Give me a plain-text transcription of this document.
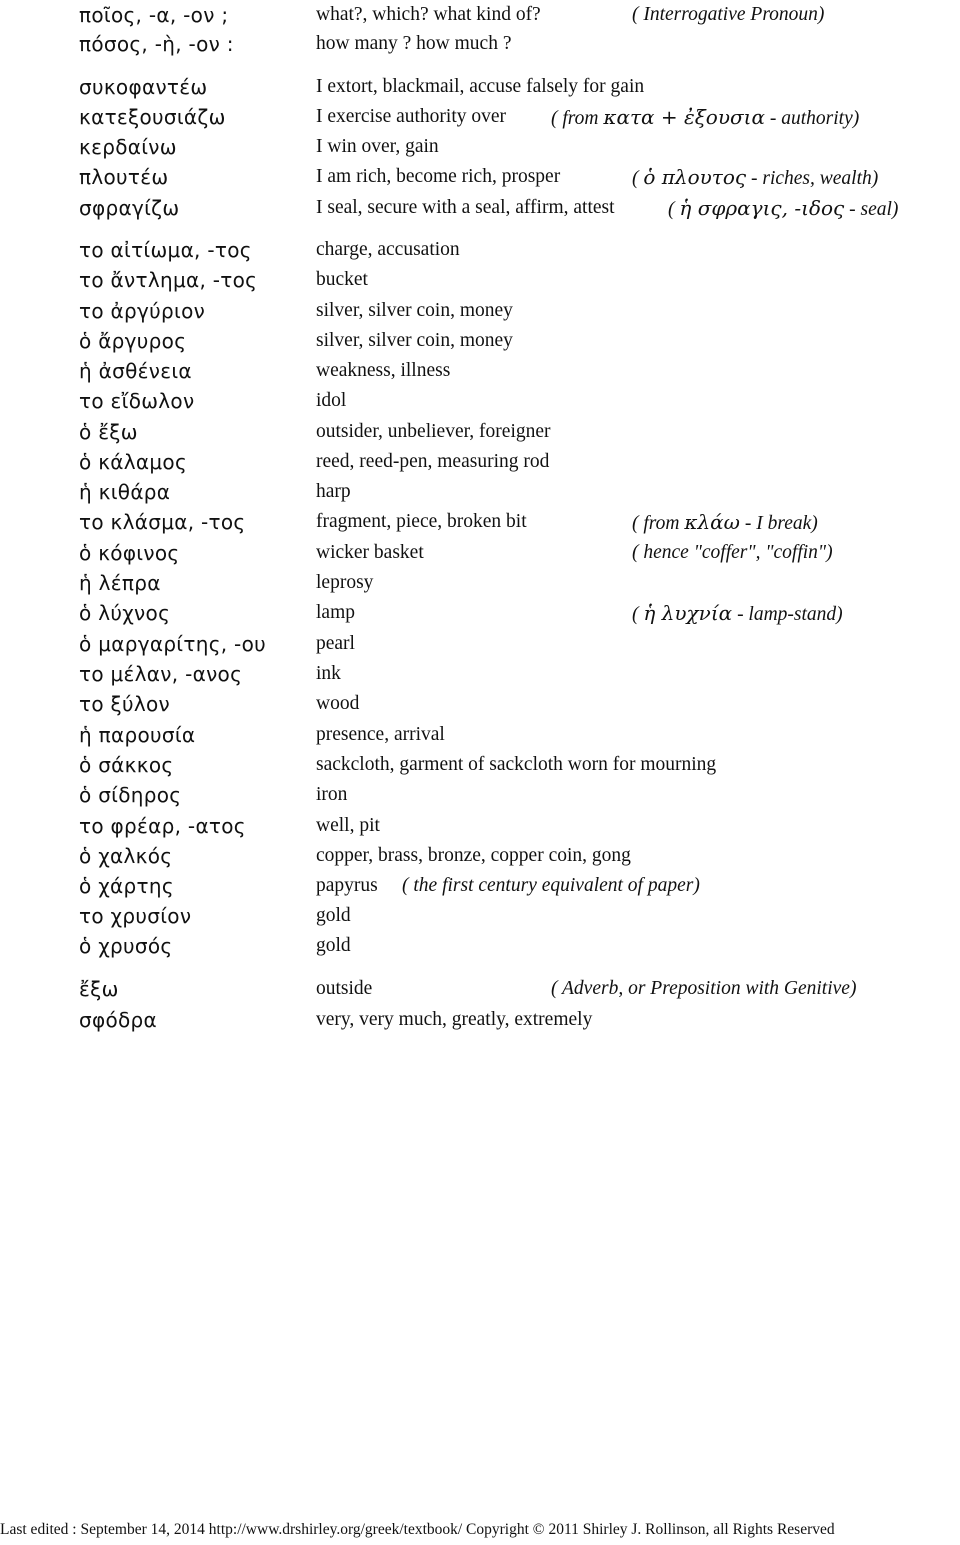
ποῖος, -α, -ον ;	what?, which? what kind of?	( Interrogative Pronoun)
πόσος, -ὴ, -ον :	how many ? how much ?
συκοφαντέω	I extort, blackmail, accuse falsely for gain
κατεξουσιάζω	I exercise authority over ( from κατα + ἐξουσια - authority)
κερδαίνω	I win over, gain
πλουτέω	I am rich, become rich, prosper	( ὁ πλουτος - riches, wealth)
σφραγίζω	I seal, secure with a seal, affirm, attest	( ἡ σφραγις, -ιδος - seal)
το αἰτίωμα, -τος	charge, accusation
το ἄντλημα, -τος	bucket
το ἀργύριον	silver, silver coin, money
ὁ ἄργυρος	silver, silver coin, money
ἡ ἀσθένεια	weakness, illness
το εἴδωλον	idol
ὁ ἔξω	outsider, unbeliever, foreigner
ὁ κάλαμος	reed, reed-pen, measuring rod
ἡ κιθάρα	harp
το κλάσμα, -τος	fragment, piece, broken bit	( from κλάω - I break)
ὁ κόφινος	wicker basket	( hence "coffer", "coffin")
ἡ λέπρα	leprosy
ὁ λύχνος	lamp	( ἡ λυχνία - lamp-stand)
ὁ μαργαρίτης, -ου	pearl
το μέλαν, -ανος	ink
το ξύλον	wood
ἡ παρουσία	presence, arrival
ὁ σάκκος	sackcloth, garment of sackcloth worn for mourning
ὁ σίδηρος	iron
το φρέαρ, -ατος	well, pit
ὁ χαλκός	copper, brass, bronze, copper coin, gong
ὁ χάρτης	papyrus ( the first century equivalent of paper)
το χρυσίον	gold
ὁ χρυσός	gold
ἔξω	outside	( Adverb, or Preposition with Genitive)
σφόδρα	very, very much, greatly, extremely
Last edited : September 14, 2014 http://www.drshirley.org/greek/textbook/ Copyright © 2011 Shirley J. Rollinson, all Rights Reserved
